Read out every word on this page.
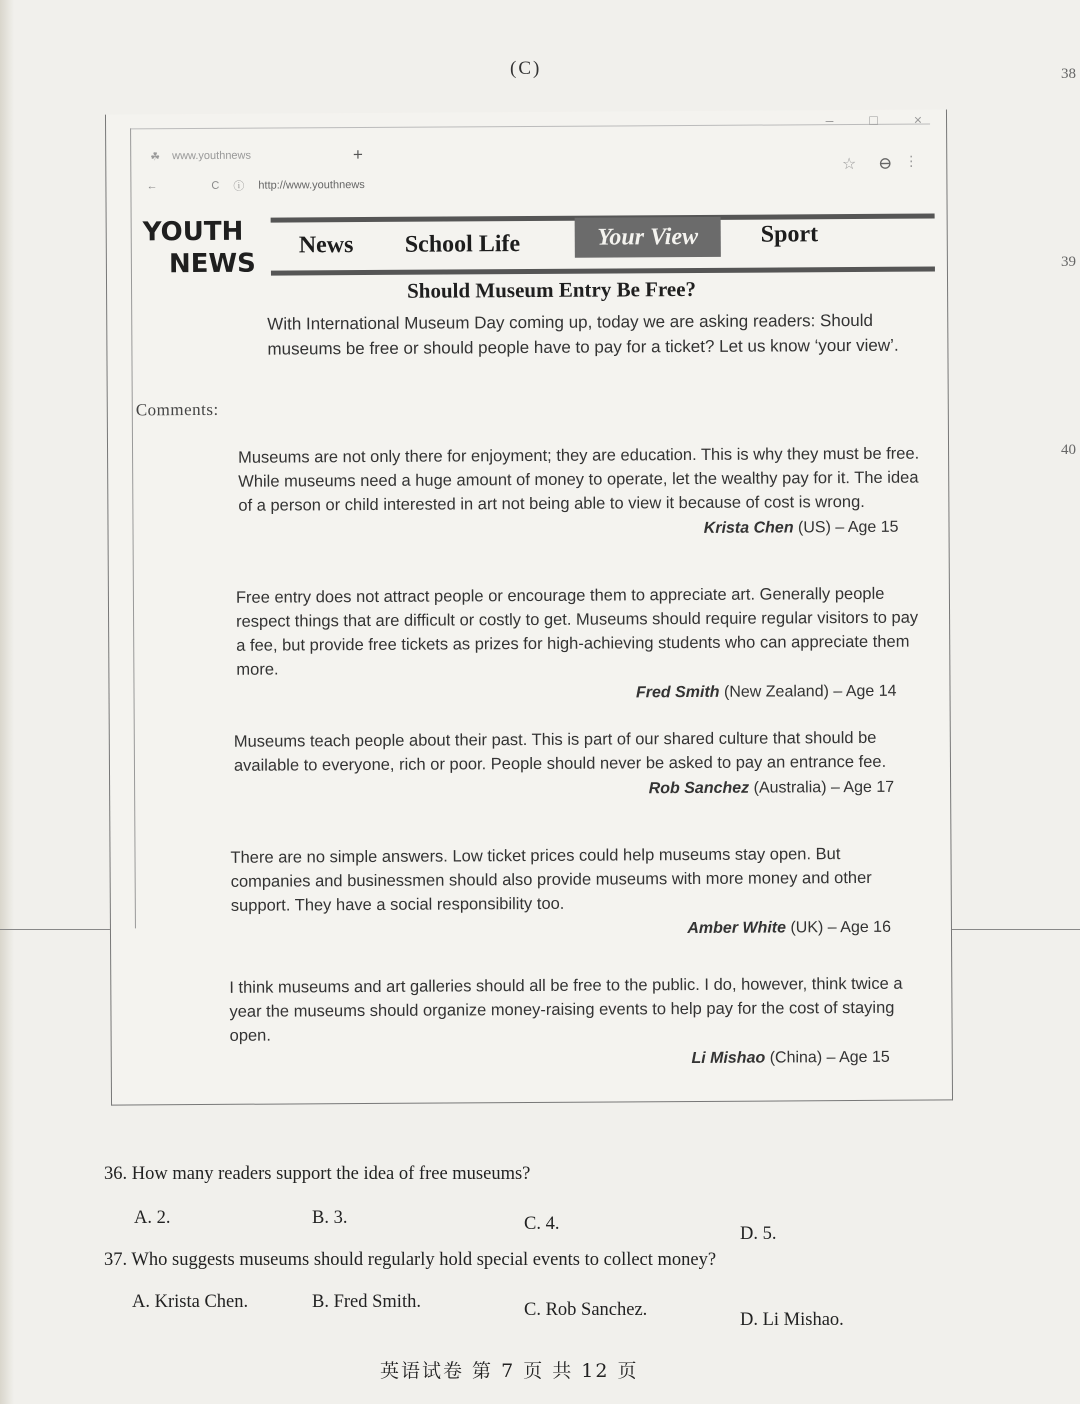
38
39
40
(C)
–	□	×
☘ www.youthnews	+
←	C ⓘ http://www.youthnews
☆ ⊖ ⋮
YOUTH
NEWS
News School Life	Your View	Sport
Should Museum Entry Be Free?
With International Museum Day coming up, today we are asking readers: Should museums be free or should people have to pay for a ticket? Let us know ‘your view’.
Comments:
Museums are not only there for enjoyment; they are education. This is why they must be free. While museums need a huge amount of money to operate, let the wealthy pay for it. The idea of a person or child interested in art not being able to view it because of cost is wrong.
Krista Chen (US) – Age 15
Free entry does not attract people or encourage them to appreciate art. Generally people respect things that are difficult or costly to get. Museums should require regular visitors to pay a fee, but provide free tickets as prizes for high-achieving students who can appreciate them more.
Fred Smith (New Zealand) – Age 14
Museums teach people about their past. This is part of our shared culture that should be available to everyone, rich or poor. People should never be asked to pay an entrance fee.
Rob Sanchez (Australia) – Age 17
There are no simple answers. Low ticket prices could help museums stay open. But companies and businessmen should also provide museums with more money and other support. They have a social responsibility too.
Amber White (UK) – Age 16
I think museums and art galleries should all be free to the public. I do, however, think twice a year the museums should organize money-raising events to help pay for the cost of staying open.
Li Mishao (China) – Age 15
36. How many readers support the idea of free museums?
A. 2.	B. 3.	C. 4.	D. 5.
37. Who suggests museums should regularly hold special events to collect money?
A. Krista Chen.	B. Fred Smith.	C. Rob Sanchez.	D. Li Mishao.
英语试卷 第 7 页 共 12 页
